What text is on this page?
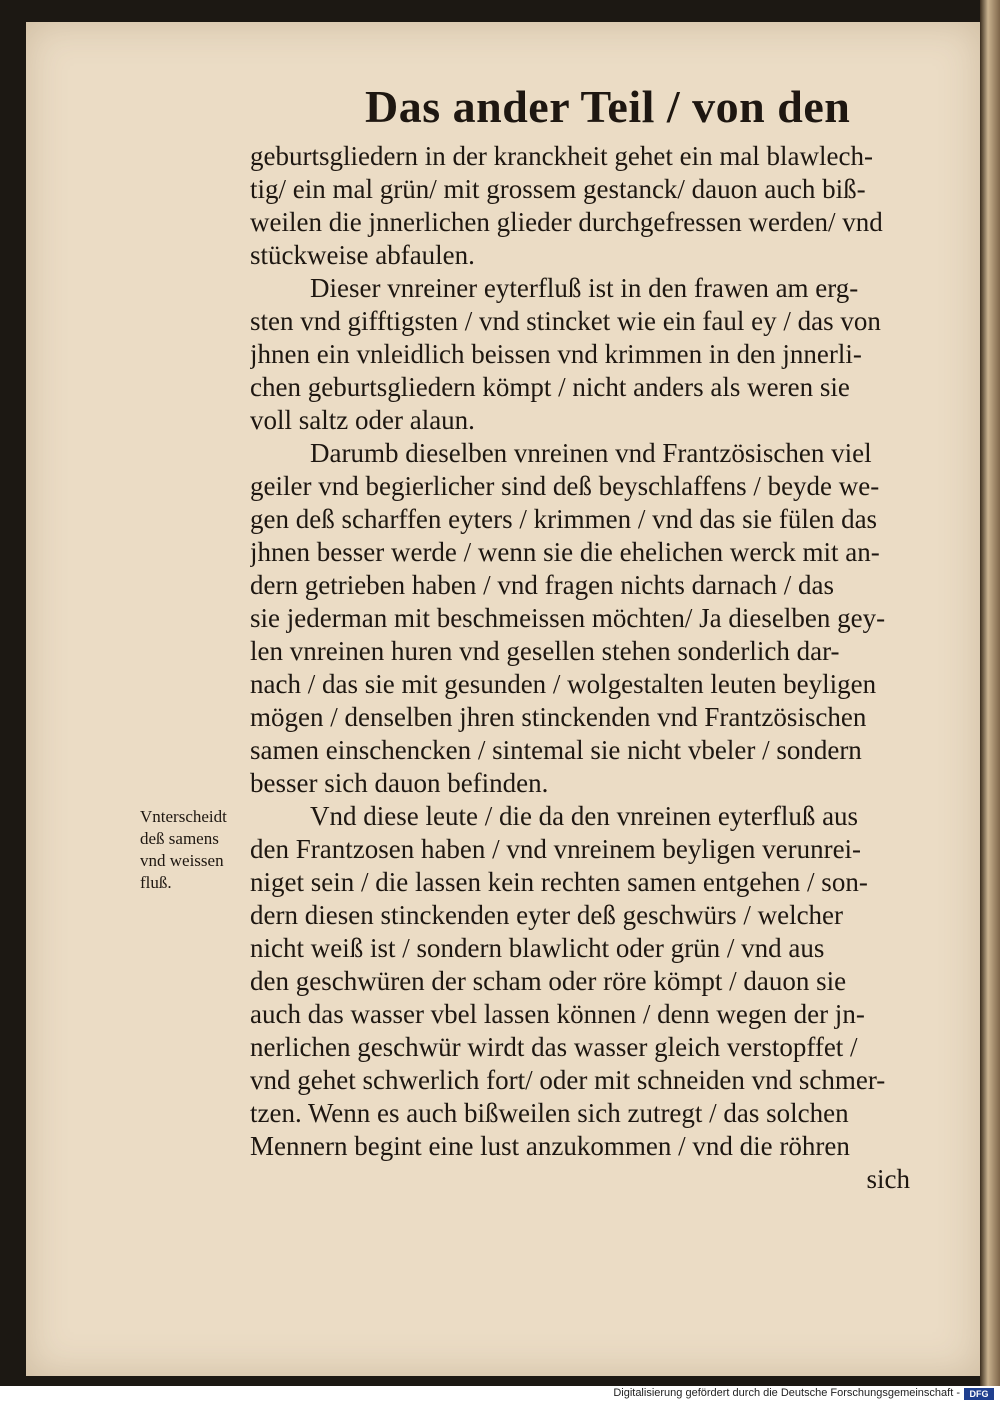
Das ander Teil / von den
Vnterscheidt
deß samens
vnd weissen
fluß.
geburtsgliedern in der kranckheit gehet ein mal blawlech-
tig/ ein mal grün/ mit grossem gestanck/ dauon auch biß-
weilen die jnnerlichen glieder durchgefressen werden/ vnd
stückweise abfaulen.
Dieser vnreiner eyterfluß ist in den frawen am erg-
sten vnd gifftigsten / vnd stincket wie ein faul ey / das von
jhnen ein vnleidlich beissen vnd krimmen in den jnnerli-
chen geburtsgliedern kömpt / nicht anders als weren sie
voll saltz oder alaun.
Darumb dieselben vnreinen vnd Frantzösischen viel
geiler vnd begierlicher sind deß beyschlaffens / beyde we-
gen deß scharffen eyters / krimmen / vnd das sie fülen das
jhnen besser werde / wenn sie die ehelichen werck mit an-
dern getrieben haben / vnd fragen nichts darnach / das
sie jederman mit beschmeissen möchten/ Ja dieselben gey-
len vnreinen huren vnd gesellen stehen sonderlich dar-
nach / das sie mit gesunden / wolgestalten leuten beyligen
mögen / denselben jhren stinckenden vnd Frantzösischen
samen einschencken / sintemal sie nicht vbeler / sondern
besser sich dauon befinden.
Vnd diese leute / die da den vnreinen eyterfluß aus
den Frantzosen haben / vnd vnreinem beyligen verunrei-
niget sein / die lassen kein rechten samen entgehen / son-
dern diesen stinckenden eyter deß geschwürs / welcher
nicht weiß ist / sondern blawlicht oder grün / vnd aus
den geschwüren der scham oder röre kömpt / dauon sie
auch das wasser vbel lassen können / denn wegen der jn-
nerlichen geschwür wirdt das wasser gleich verstopffet /
vnd gehet schwerlich fort/ oder mit schneiden vnd schmer-
tzen. Wenn es auch bißweilen sich zutregt / das solchen
Mennern begint eine lust anzukommen / vnd die röhren
sich
Digitalisierung gefördert durch die Deutsche Forschungsgemeinschaft -	DFG
